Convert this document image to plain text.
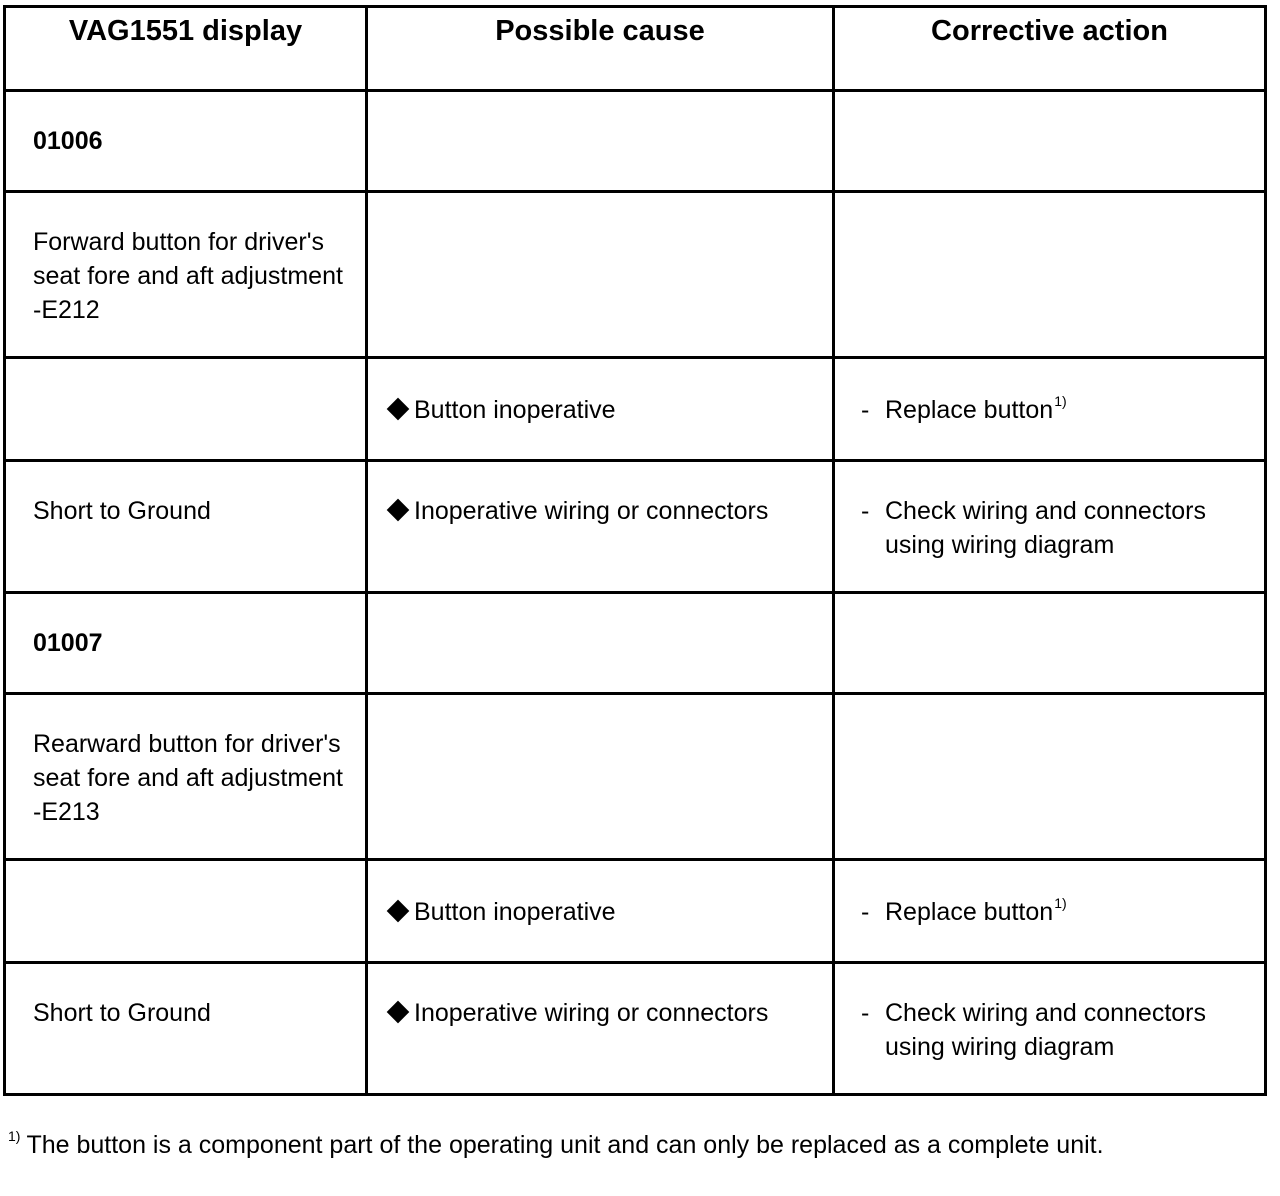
VAG1551 display	Possible cause	Corrective action
01006		
Forward button for driver's seat fore and aft adjustment -E212		
	Button inoperative	- Replace button$^{1)}$

Short to Ground	Inoperative wiring or connectors	- Check wiring and connectors using wiring diagram

01007		
Rearward button for driver's seat fore and aft adjustment -E213		
	Button inoperative	- Replace button$^{1)}$

Short to Ground	Inoperative wiring or connectors	- Check wiring and connectors using wiring diagram
$^{1)}$ The button is a component part of the operating unit and can only be replaced as a complete unit.
